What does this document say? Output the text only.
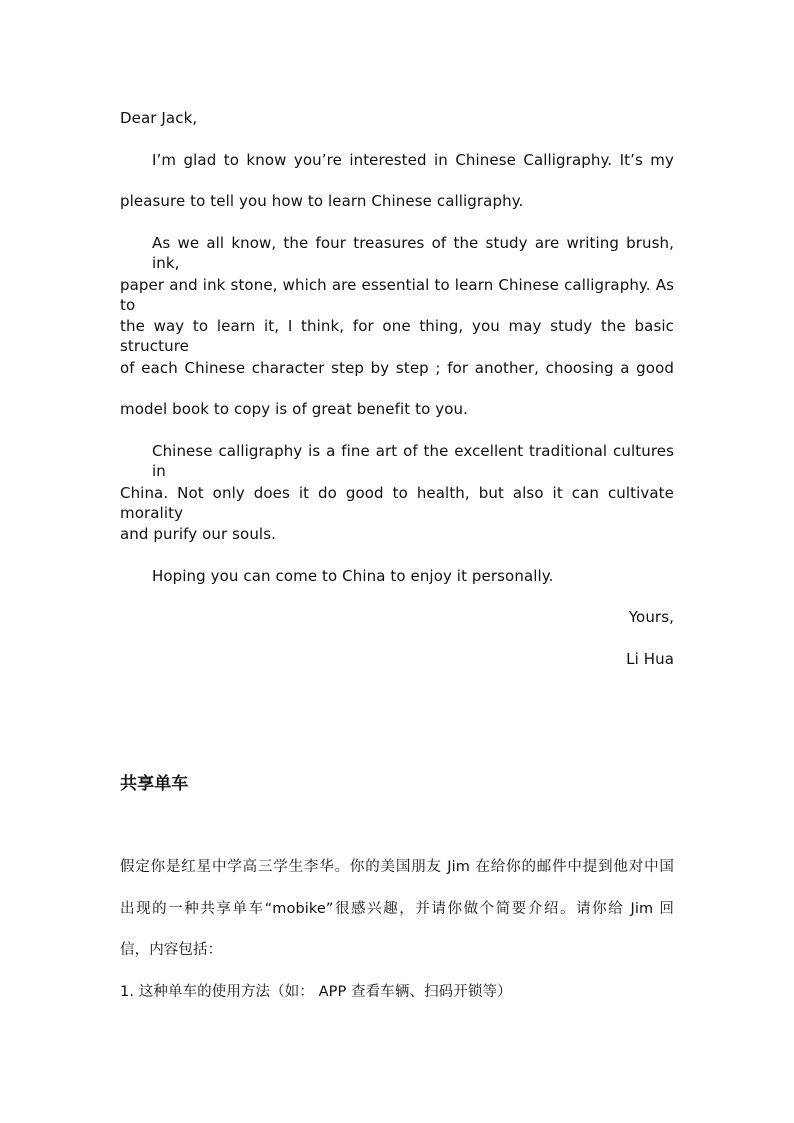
Dear Jack,
I’m glad to know you’re interested in Chinese Calligraphy. It’s my
pleasure to tell you how to learn Chinese calligraphy.
As we all know, the four treasures of the study are writing brush, ink,
paper and ink stone, which are essential to learn Chinese calligraphy. As to
the way to learn it, I think, for one thing, you may study the basic structure
of each Chinese character step by step ; for another, choosing a good
model book to copy is of great benefit to you.
Chinese calligraphy is a fine art of the excellent traditional cultures in
China. Not only does it do good to health, but also it can cultivate morality
and purify our souls.
Hoping you can come to China to enjoy it personally.
Yours,
Li Hua
共享单车
假定你是红星中学高三学生李华。你的美国朋友 Jim 在给你的邮件中提到他对中国
出现的一种共享单车“mobike”很感兴趣，并请你做个简要介绍。请你给 Jim 回
信，内容包括：
1. 这种单车的使用方法（如： APP 查看车辆、扫码开锁等）
